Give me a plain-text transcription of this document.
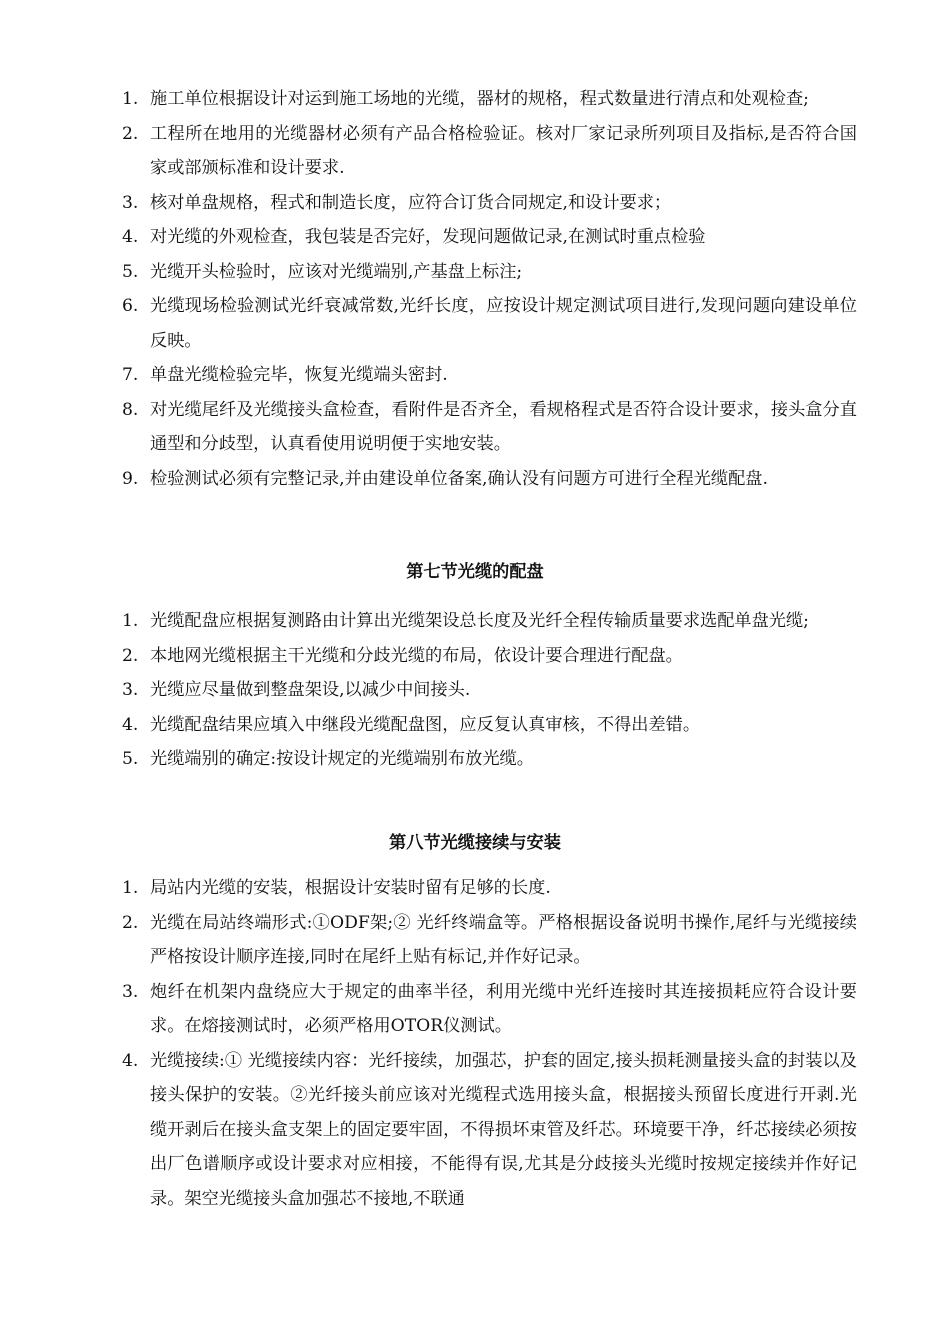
1. 施工单位根据设计对运到施工场地的光缆，器材的规格，程式数量进行清点和处观检查;
2. 工程所在地用的光缆器材必须有产品合格检验证。核对厂家记录所列项目及指标,是否符合国家或部颁标准和设计要求.
3. 核对单盘规格，程式和制造长度，应符合订货合同规定,和设计要求；
4. 对光缆的外观检查，我包装是否完好，发现问题做记录,在测试时重点检验
5. 光缆开头检验时，应该对光缆端别,产基盘上标注;
6. 光缆现场检验测试光纤衰减常数,光纤长度，应按设计规定测试项目进行,发现问题向建设单位反映。
7. 单盘光缆检验完毕，恢复光缆端头密封.
8. 对光缆尾纤及光缆接头盒检查，看附件是否齐全，看规格程式是否符合设计要求，接头盒分直通型和分歧型，认真看使用说明便于实地安装。
9. 检验测试必须有完整记录,并由建设单位备案,确认没有问题方可进行全程光缆配盘.
第七节光缆的配盘
1. 光缆配盘应根据复测路由计算出光缆架设总长度及光纤全程传输质量要求选配单盘光缆;
2. 本地网光缆根据主干光缆和分歧光缆的布局，依设计要合理进行配盘。
3. 光缆应尽量做到整盘架设,以减少中间接头.
4. 光缆配盘结果应填入中继段光缆配盘图，应反复认真审核，不得出差错。
5. 光缆端别的确定:按设计规定的光缆端别布放光缆。
第八节光缆接续与安装
1. 局站内光缆的安装，根据设计安装时留有足够的长度.
2. 光缆在局站终端形式:①ODF架;② 光纤终端盒等。严格根据设备说明书操作,尾纤与光缆接续严格按设计顺序连接,同时在尾纤上贴有标记,并作好记录。
3. 炮纤在机架内盘绕应大于规定的曲率半径，利用光缆中光纤连接时其连接损耗应符合设计要求。在熔接测试时，必须严格用OTOR仪测试。
4. 光缆接续:① 光缆接续内容：光纤接续，加强芯，护套的固定,接头损耗测量接头盒的封装以及接头保护的安装。②光纤接头前应该对光缆程式选用接头盒，根据接头预留长度进行开剥.光缆开剥后在接头盒支架上的固定要牢固，不得损坏束管及纤芯。环境要干净，纤芯接续必须按出厂色谱顺序或设计要求对应相接，不能得有误,尤其是分歧接头光缆时按规定接续并作好记录。架空光缆接头盒加强芯不接地,不联通
